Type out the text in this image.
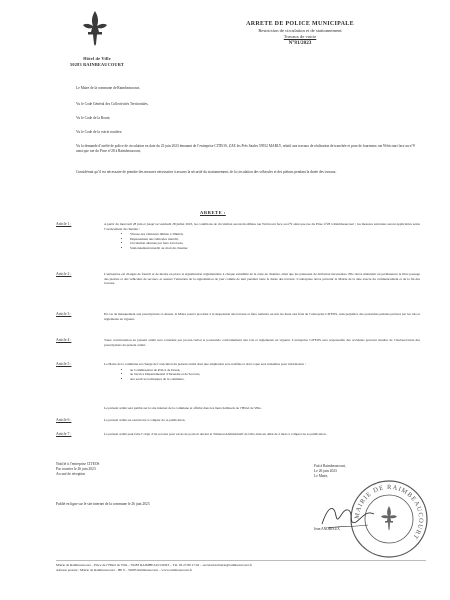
Hôtel de Ville
50283 RAINBEAUCOURT
ARRETE DE POLICE MUNICIPALE
Restriction de circulation et de stationnement
Travaux de voirie
N°81/2023
Le Maire de la commune de Raimbeaucourt,
Vu le Code Général des Collectivités Territoriales,
Vu le Code de la Route,
Vu le Code de la voirie routière,
Vu la demande d’arrêté de police de circulation en date du 23 juin 2023 émanant de l’entreprise CITEOS, ZAE les Prés Saules 59552 MARLY, relatif aux travaux de réalisation de tranchée et pose de fourreaux rue Wéricourt face au n°9 ainsi que rue du Pirse n°28 à Raimbeaucourt,
Considérant qu’il est nécessaire de prendre des mesures nécessaires à assurer la sécurité du stationnement, de la circulation des véhicules et des piétons pendant la durée des travaux,
ARRETE :
Article 1 :	A partir du mercredi 28 juin et jusqu’au vendredi 28 juillet 2023, les conditions de circulation seront modifiées rue Wéricourt face au n°9 ainsi que rue du Pirse n°28 à Raimbeaucourt ; les mesures suivantes seront applicables selon l’avancement du chantier :
• Vitesse des véhicules limitée à 30km/h,
• Dépassement des véhicules interdit,
• Circulation alternée par feux tricolores,
• Stationnement interdit au droit du chantier.
Article 2 :	L’entreprise est chargée de fournir et de mettre en place la signalisation réglementaire à chaque extrémité de la zone de chantier, ainsi que les panneaux de déviation nécessaires. Elle devra maintenir en permanence le libre passage des piétons et des véhicules de secours, et assurer l’entretien de la signalisation de jour comme de nuit pendant toute la durée des travaux. L’entreprise devra prévenir la Mairie de la date exacte du commencement et de la fin des travaux.
Article 3 :	En cas de manquement aux prescriptions ci-dessus, le Maire pourra procéder à la suspension des travaux et faire remettre en état les lieux aux frais de l’entreprise CITEOS, sans préjudice des poursuites pénales prévues par les lois et règlements en vigueur.
Article 4 :	Toute contravention au présent arrêté sera constatée par procès-verbal et poursuivie conformément aux lois et règlements en vigueur. L’entreprise CITEOS sera responsable des accidents pouvant résulter de l’inobservation des prescriptions du présent arrêté.
Article 5 :	Le Maire de la commune est chargé de l’exécution du présent arrêté dont une ampliation sera notifiée et dont copie sera transmise pour information :
• au Commissariat de Police de Douai,
• au Service Départemental d’Incendie et de Secours,
• aux services techniques de la commune.
Le présent arrêté sera publié sur le site internet de la commune et affiché dans les lieux habituels de l’Hôtel de Ville.
Article 6 :	Le présent arrêté est exécutoire à compter de sa publication.
Article 7 :	Le présent arrêté peut faire l’objet d’un recours pour excès de pouvoir devant le Tribunal Administratif de Lille dans un délai de 2 mois à compter de sa publication.
Notifié à l’entreprise CITEOS
Par courrier le 26 juin 2023
Accusé de réception
Publié en ligne sur le site internet de la commune le 26 juin 2023
Fait à Raimbeaucourt,
Le 26 juin 2023
Le Maire,
Jean ANDRIEUX
MAIRIE DE RAIMBEAUCOURT
Mairie de Raimbeaucourt – Place de l’Hôtel de Ville – 59283 RAIMBEAUCOURT – Tél. 03.27.80.17.04 – secretariat.mairie@raimbeaucourt.fr
Adresse postale : Mairie de Raimbeaucourt – BP 9 – 59283 Raimbeaucourt – www.raimbeaucourt.fr
